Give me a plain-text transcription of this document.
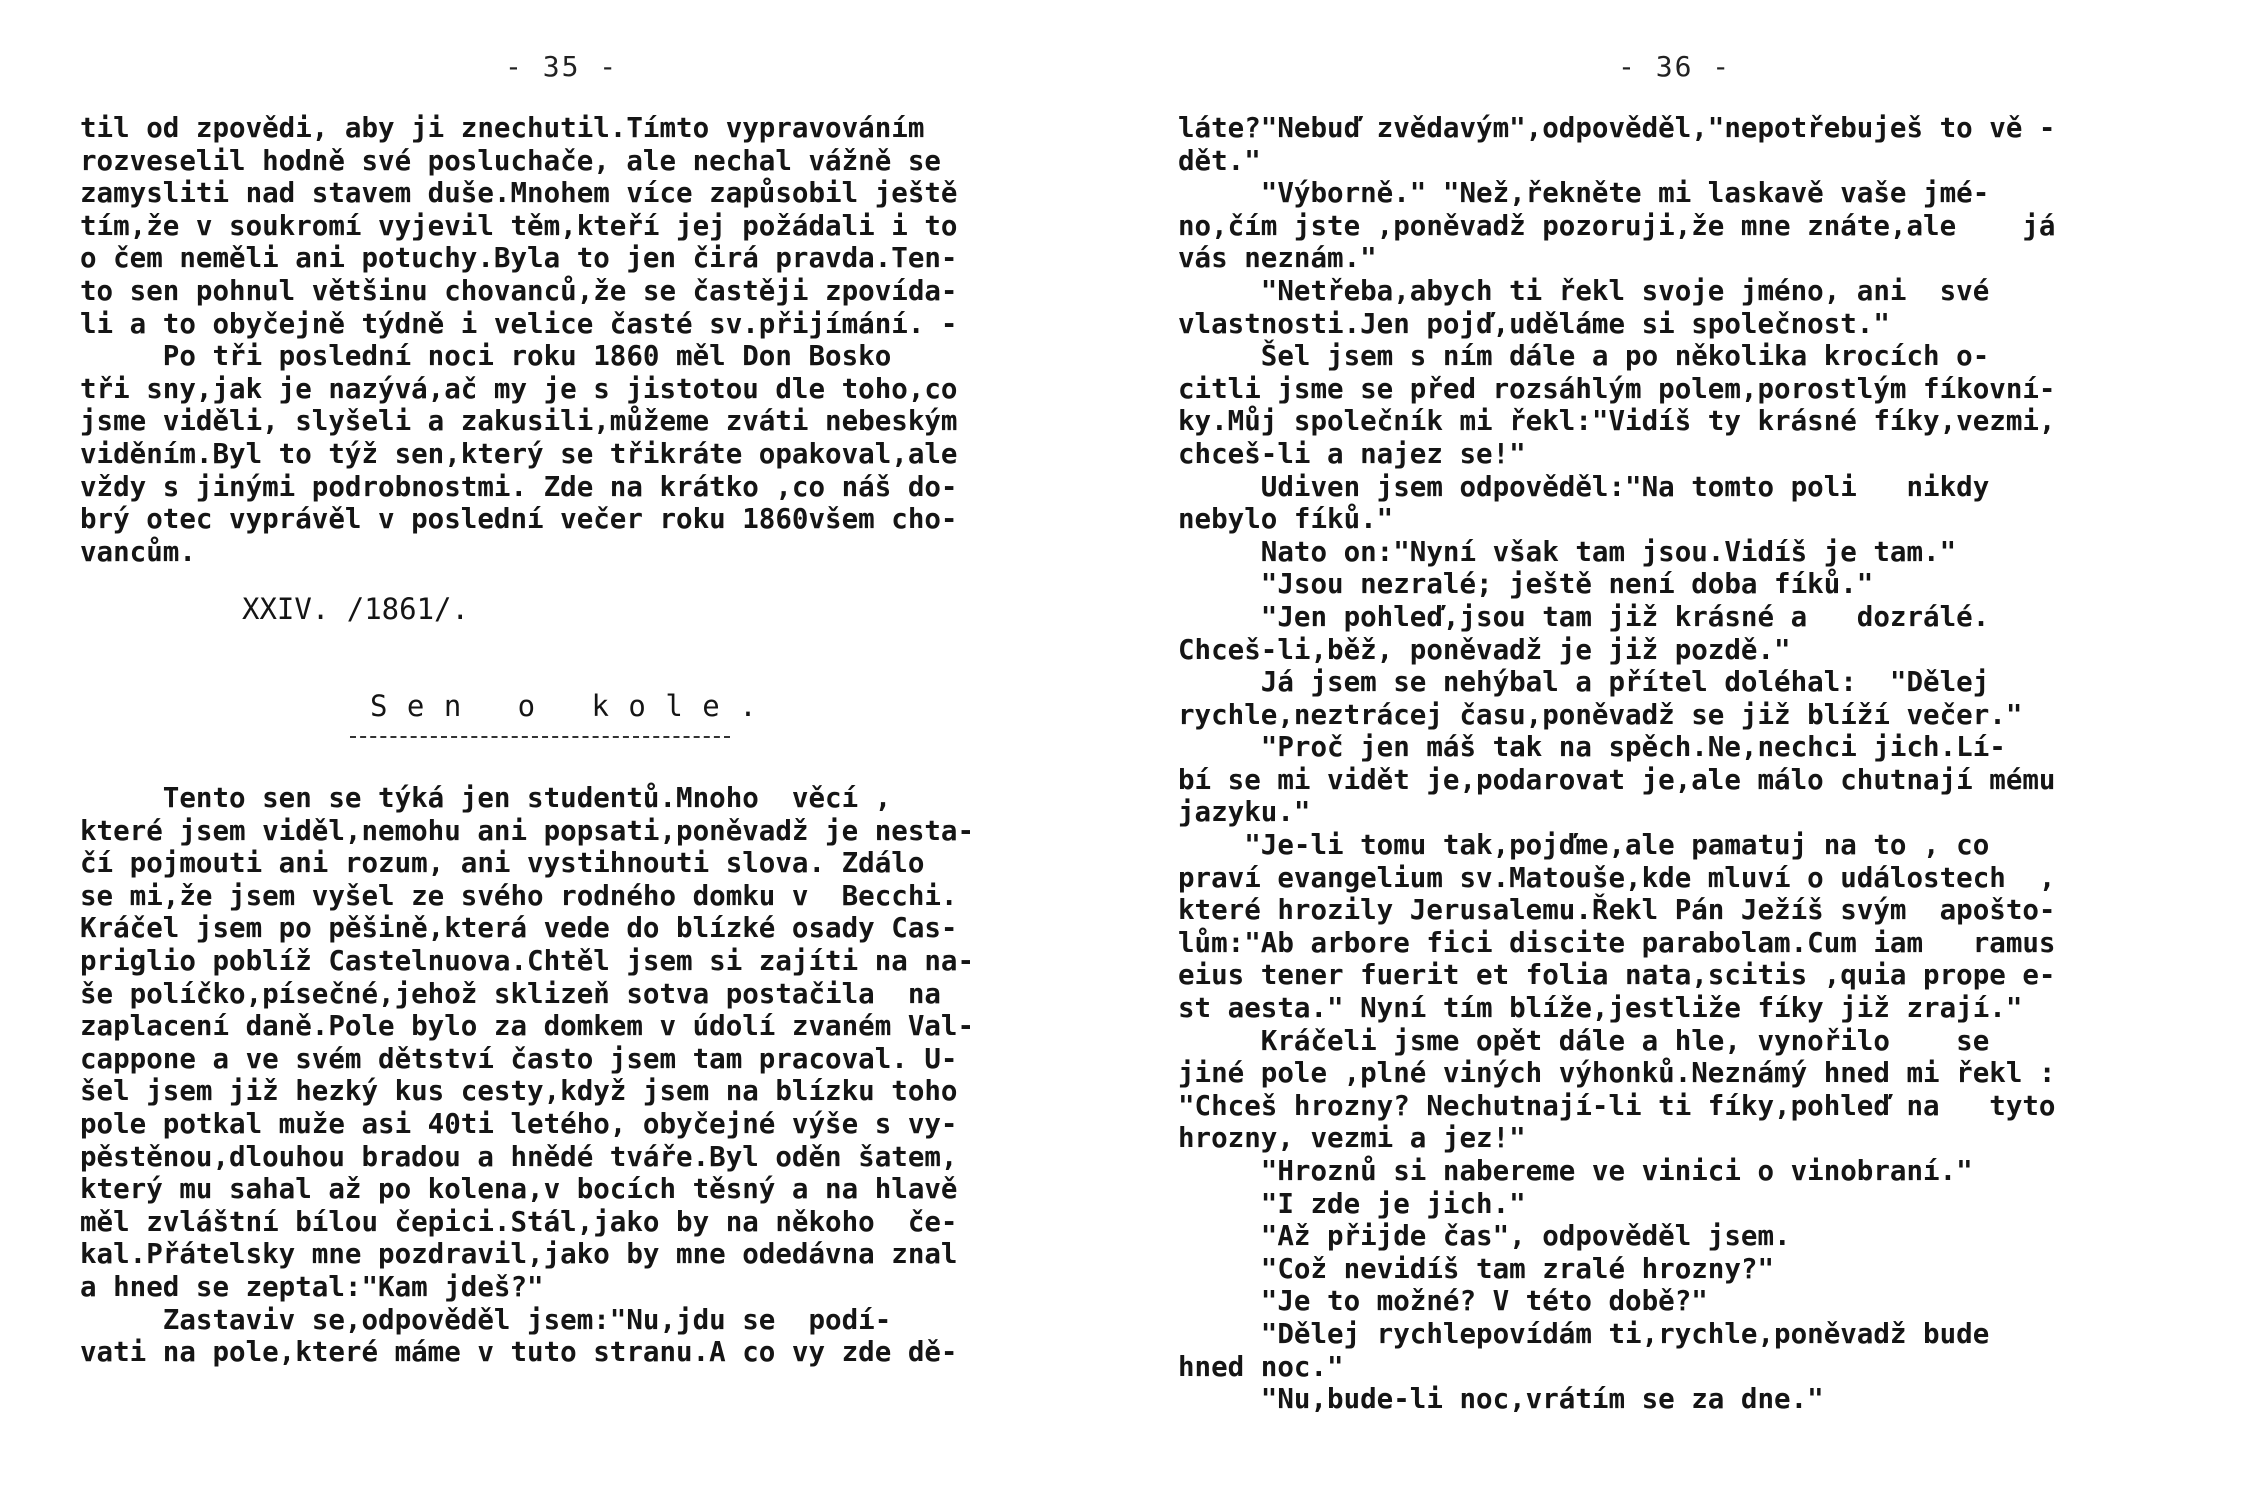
- 35 -
til od zpovědi, aby ji znechutil.Tímto vypravováním
rozveselil hodně své posluchače, ale nechal vážně se
zamysliti nad stavem duše.Mnohem více zapůsobil ještě
tím,že v soukromí vyjevil těm,kteří jej požádali i to
o čem neměli ani potuchy.Byla to jen čirá pravda.Ten-
to sen pohnul většinu chovanců,že se častěji zpovída-
li a to obyčejně týdně i velice časté sv.přijímání. -
Po tři poslední noci roku 1860 měl Don Bosko
tři sny,jak je nazývá,ač my je s jistotou dle toho,co
jsme viděli, slyšeli a zakusili,můžeme zváti nebeským
viděním.Byl to týž sen,který se třikráte opakoval,ale
vždy s jinými podrobnostmi. Zde na krátko ,co náš do-
brý otec vyprávěl v poslední večer roku 1860všem cho-
vancům.
XXIV. /1861/.
S e n   o   k o l e .
Tento sen se týká jen studentů.Mnoho  věcí ,
které jsem viděl,nemohu ani popsati,poněvadž je nesta-
čí pojmouti ani rozum, ani vystihnouti slova. Zdálo
se mi,že jsem vyšel ze svého rodného domku v  Becchi.
Kráčel jsem po pěšině,která vede do blízké osady Cas-
priglio poblíž Castelnuova.Chtěl jsem si zajíti na na-
še políčko,písečné,jehož sklizeň sotva postačila  na
zaplacení daně.Pole bylo za domkem v údolí zvaném Val-
cappone a ve svém dětství často jsem tam pracoval. U-
šel jsem již hezký kus cesty,když jsem na blízku toho
pole potkal muže asi 40ti letého, obyčejné výše s vy-
pěstěnou,dlouhou bradou a hnědé tváře.Byl oděn šatem,
který mu sahal až po kolena,v bocích těsný a na hlavě
měl zvláštní bílou čepici.Stál,jako by na někoho  če-
kal.Přátelsky mne pozdravil,jako by mne odedávna znal
a hned se zeptal:"Kam jdeš?"
Zastaviv se,odpověděl jsem:"Nu,jdu se  podí-
vati na pole,které máme v tuto stranu.A co vy zde dě-
- 36 -
láte?"Nebuď zvědavým",odpověděl,"nepotřebuješ to vě -
dět."
"Výborně." "Než,řekněte mi laskavě vaše jmé-
no,čím jste ,poněvadž pozoruji,že mne znáte,ale    já
vás neznám."
"Netřeba,abych ti řekl svoje jméno, ani  své
vlastnosti.Jen pojď,uděláme si společnost."
Šel jsem s ním dále a po několika krocích o-
citli jsme se před rozsáhlým polem,porostlým fíkovní-
ky.Můj společník mi řekl:"Vidíš ty krásné fíky,vezmi,
chceš-li a najez se!"
Udiven jsem odpověděl:"Na tomto poli   nikdy
nebylo fíků."
Nato on:"Nyní však tam jsou.Vidíš je tam."
"Jsou nezralé; ještě není doba fíků."
"Jen pohleď,jsou tam již krásné a   dozrálé.
Chceš-li,běž, poněvadž je již pozdě."
Já jsem se nehýbal a přítel doléhal:  "Dělej
rychle,neztrácej času,poněvadž se již blíží večer."
"Proč jen máš tak na spěch.Ne,nechci jich.Lí-
bí se mi vidět je,podarovat je,ale málo chutnají mému
jazyku."
"Je-li tomu tak,pojďme,ale pamatuj na to , co
praví evangelium sv.Matouše,kde mluví o událostech  ,
které hrozily Jerusalemu.Řekl Pán Ježíš svým  apošto-
lům:"Ab arbore fici discite parabolam.Cum iam   ramus
eius tener fuerit et folia nata,scitis ,quia prope e-
st aesta." Nyní tím blíže,jestliže fíky již zrají."
Kráčeli jsme opět dále a hle, vynořilo    se
jiné pole ,plné viných výhonků.Neznámý hned mi řekl :
"Chceš hrozny? Nechutnají-li ti fíky,pohleď na   tyto
hrozny, vezmi a jez!"
"Hroznů si nabereme ve vinici o vinobraní."
"I zde je jich."
"Až přijde čas", odpověděl jsem.
"Což nevidíš tam zralé hrozny?"
"Je to možné? V této době?"
"Dělej rychlepovídám ti,rychle,poněvadž bude
hned noc."
"Nu,bude-li noc,vrátím se za dne."
